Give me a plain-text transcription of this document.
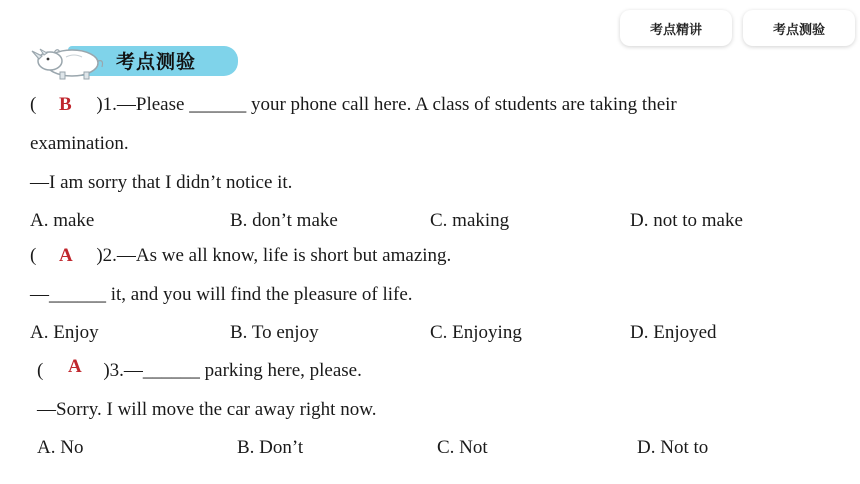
考点精讲	考点测验
考点测验
(	)1.—Please ______ your phone call here. A class of students are taking their
B
examination.
—I am sorry that I didn’t notice it.
A. make	B. don’t make	C. making	D. not to make
(	)2.—As we all know, life is short but amazing.
A
—______ it, and you will find the pleasure of life.
A. Enjoy	B. To enjoy	C. Enjoying	D. Enjoyed
(	)3.—______ parking here, please.
A
—Sorry. I will move the car away right now.
A. No	B. Don’t	C. Not	D. Not to
